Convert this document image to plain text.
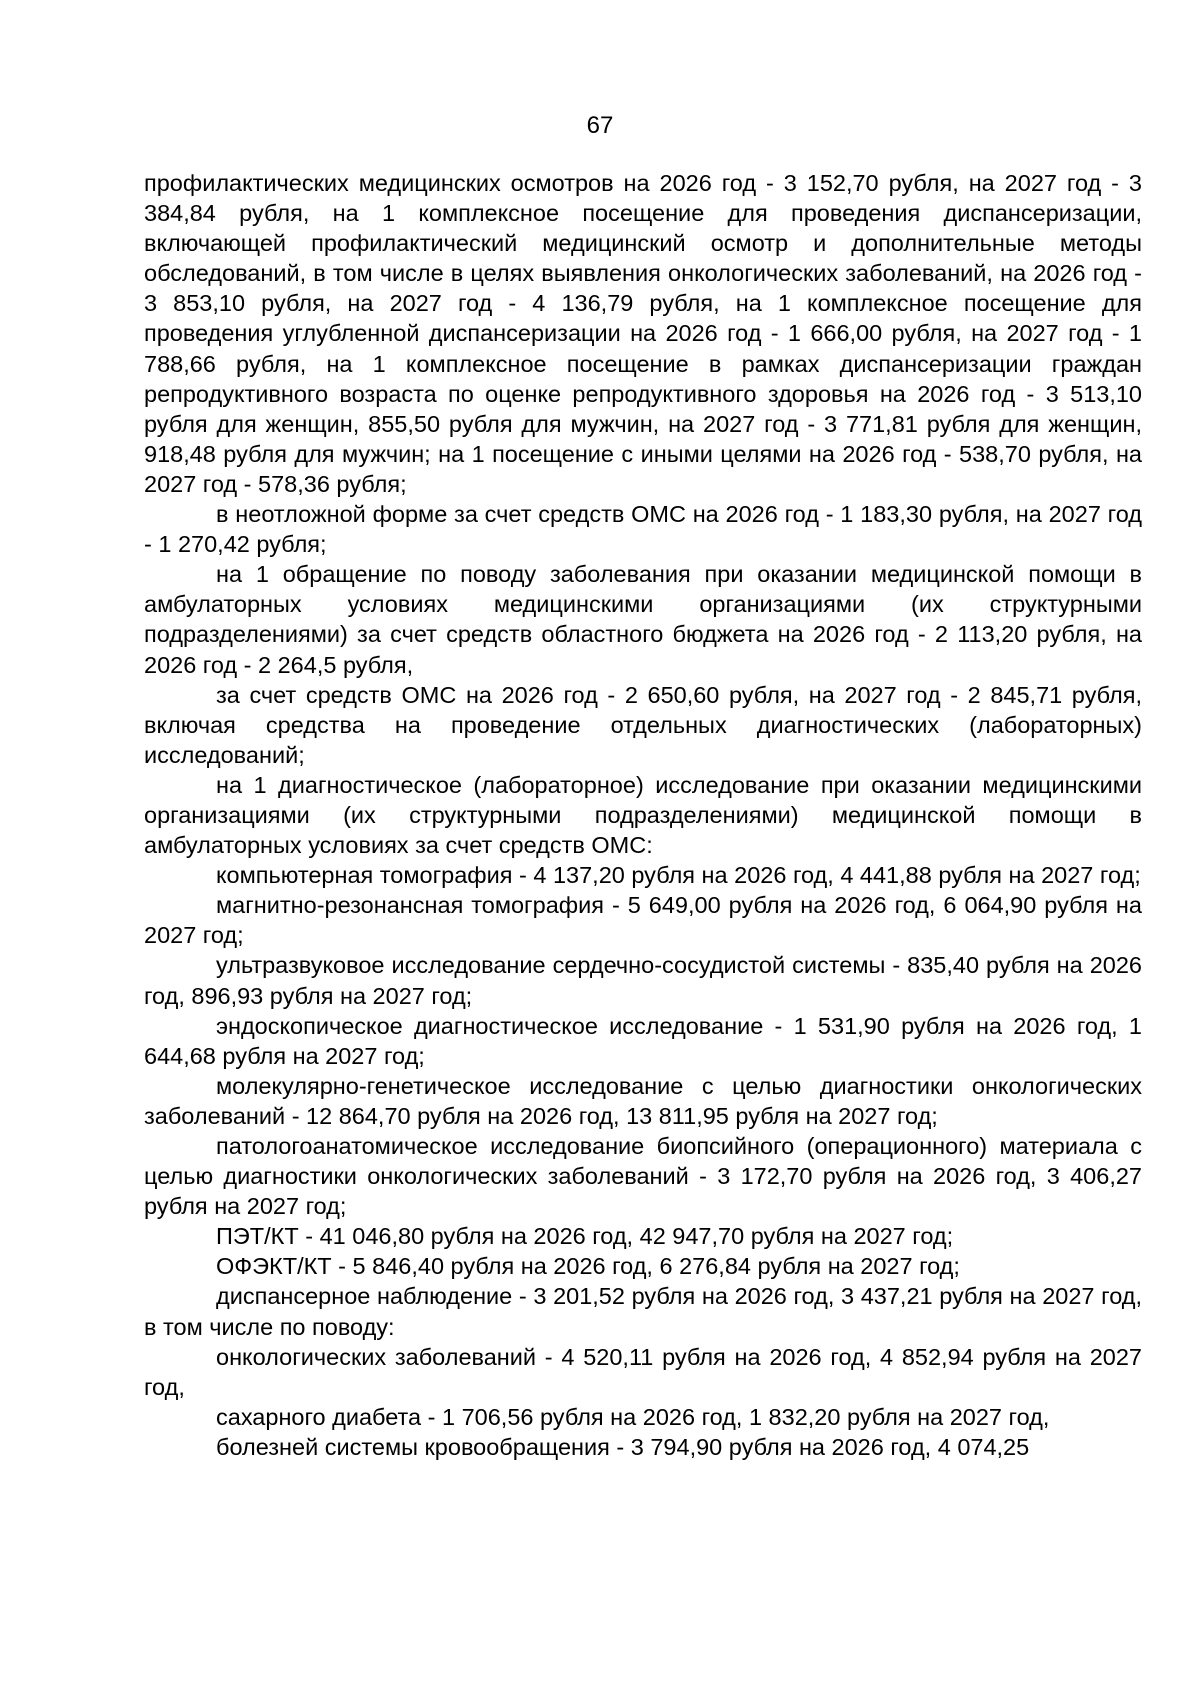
67

профилактических медицинских осмотров на 2026 год - 3 152,70 рубля, на 2027 год - 3 384,84 рубля, на 1 комплексное посещение для проведения диспансеризации, включающей профилактический медицинский осмотр и дополнительные методы обследований, в том числе в целях выявления онкологических заболеваний, на 2026 год - 3 853,10 рубля, на 2027 год - 4 136,79 рубля, на 1 комплексное посещение для проведения углубленной диспансеризации на 2026 год - 1 666,00 рубля, на 2027 год - 1 788,66 рубля, на 1 комплексное посещение в рамках диспансеризации граждан репродуктивного возраста по оценке репродуктивного здоровья на 2026 год - 3 513,10 рубля для женщин, 855,50 рубля для мужчин, на 2027 год - 3 771,81 рубля для женщин, 918,48 рубля для мужчин; на 1 посещение с иными целями на 2026 год - 538,70 рубля, на 2027 год - 578,36 рубля;

в неотложной форме за счет средств ОМС на 2026 год - 1 183,30 рубля, на 2027 год - 1 270,42 рубля;

на 1 обращение по поводу заболевания при оказании медицинской помощи в амбулаторных условиях медицинскими организациями (их структурными подразделениями) за счет средств областного бюджета на 2026 год - 2 113,20 рубля, на 2026 год - 2 264,5 рубля,

за счет средств ОМС на 2026 год - 2 650,60 рубля, на 2027 год - 2 845,71 рубля, включая средства на проведение отдельных диагностических (лабораторных) исследований;

на 1 диагностическое (лабораторное) исследование при оказании медицинскими организациями (их структурными подразделениями) медицинской помощи в амбулаторных условиях за счет средств ОМС:

компьютерная томография - 4 137,20 рубля на 2026 год, 4 441,88 рубля на 2027 год;

магнитно-резонансная томография - 5 649,00 рубля на 2026 год, 6 064,90 рубля на 2027 год;

ультразвуковое исследование сердечно-сосудистой системы - 835,40 рубля на 2026 год, 896,93 рубля на 2027 год;

эндоскопическое диагностическое исследование - 1 531,90 рубля на 2026 год, 1 644,68 рубля на 2027 год;

молекулярно-генетическое исследование с целью диагностики онкологических заболеваний - 12 864,70 рубля на 2026 год, 13 811,95 рубля на 2027 год;

патологоанатомическое исследование биопсийного (операционного) материала с целью диагностики онкологических заболеваний - 3 172,70 рубля на 2026 год, 3 406,27 рубля на 2027 год;

ПЭТ/КТ - 41 046,80 рубля на 2026 год, 42 947,70 рубля на 2027 год;

ОФЭКТ/КТ - 5 846,40 рубля на 2026 год, 6 276,84 рубля на 2027 год;

диспансерное наблюдение - 3 201,52 рубля на 2026 год, 3 437,21 рубля на 2027 год, в том числе по поводу:

онкологических заболеваний - 4 520,11 рубля на 2026 год, 4 852,94 рубля на 2027 год,

сахарного диабета - 1 706,56 рубля на 2026 год, 1 832,20 рубля на 2027 год,

болезней системы кровообращения - 3 794,90 рубля на 2026 год, 4 074,25
